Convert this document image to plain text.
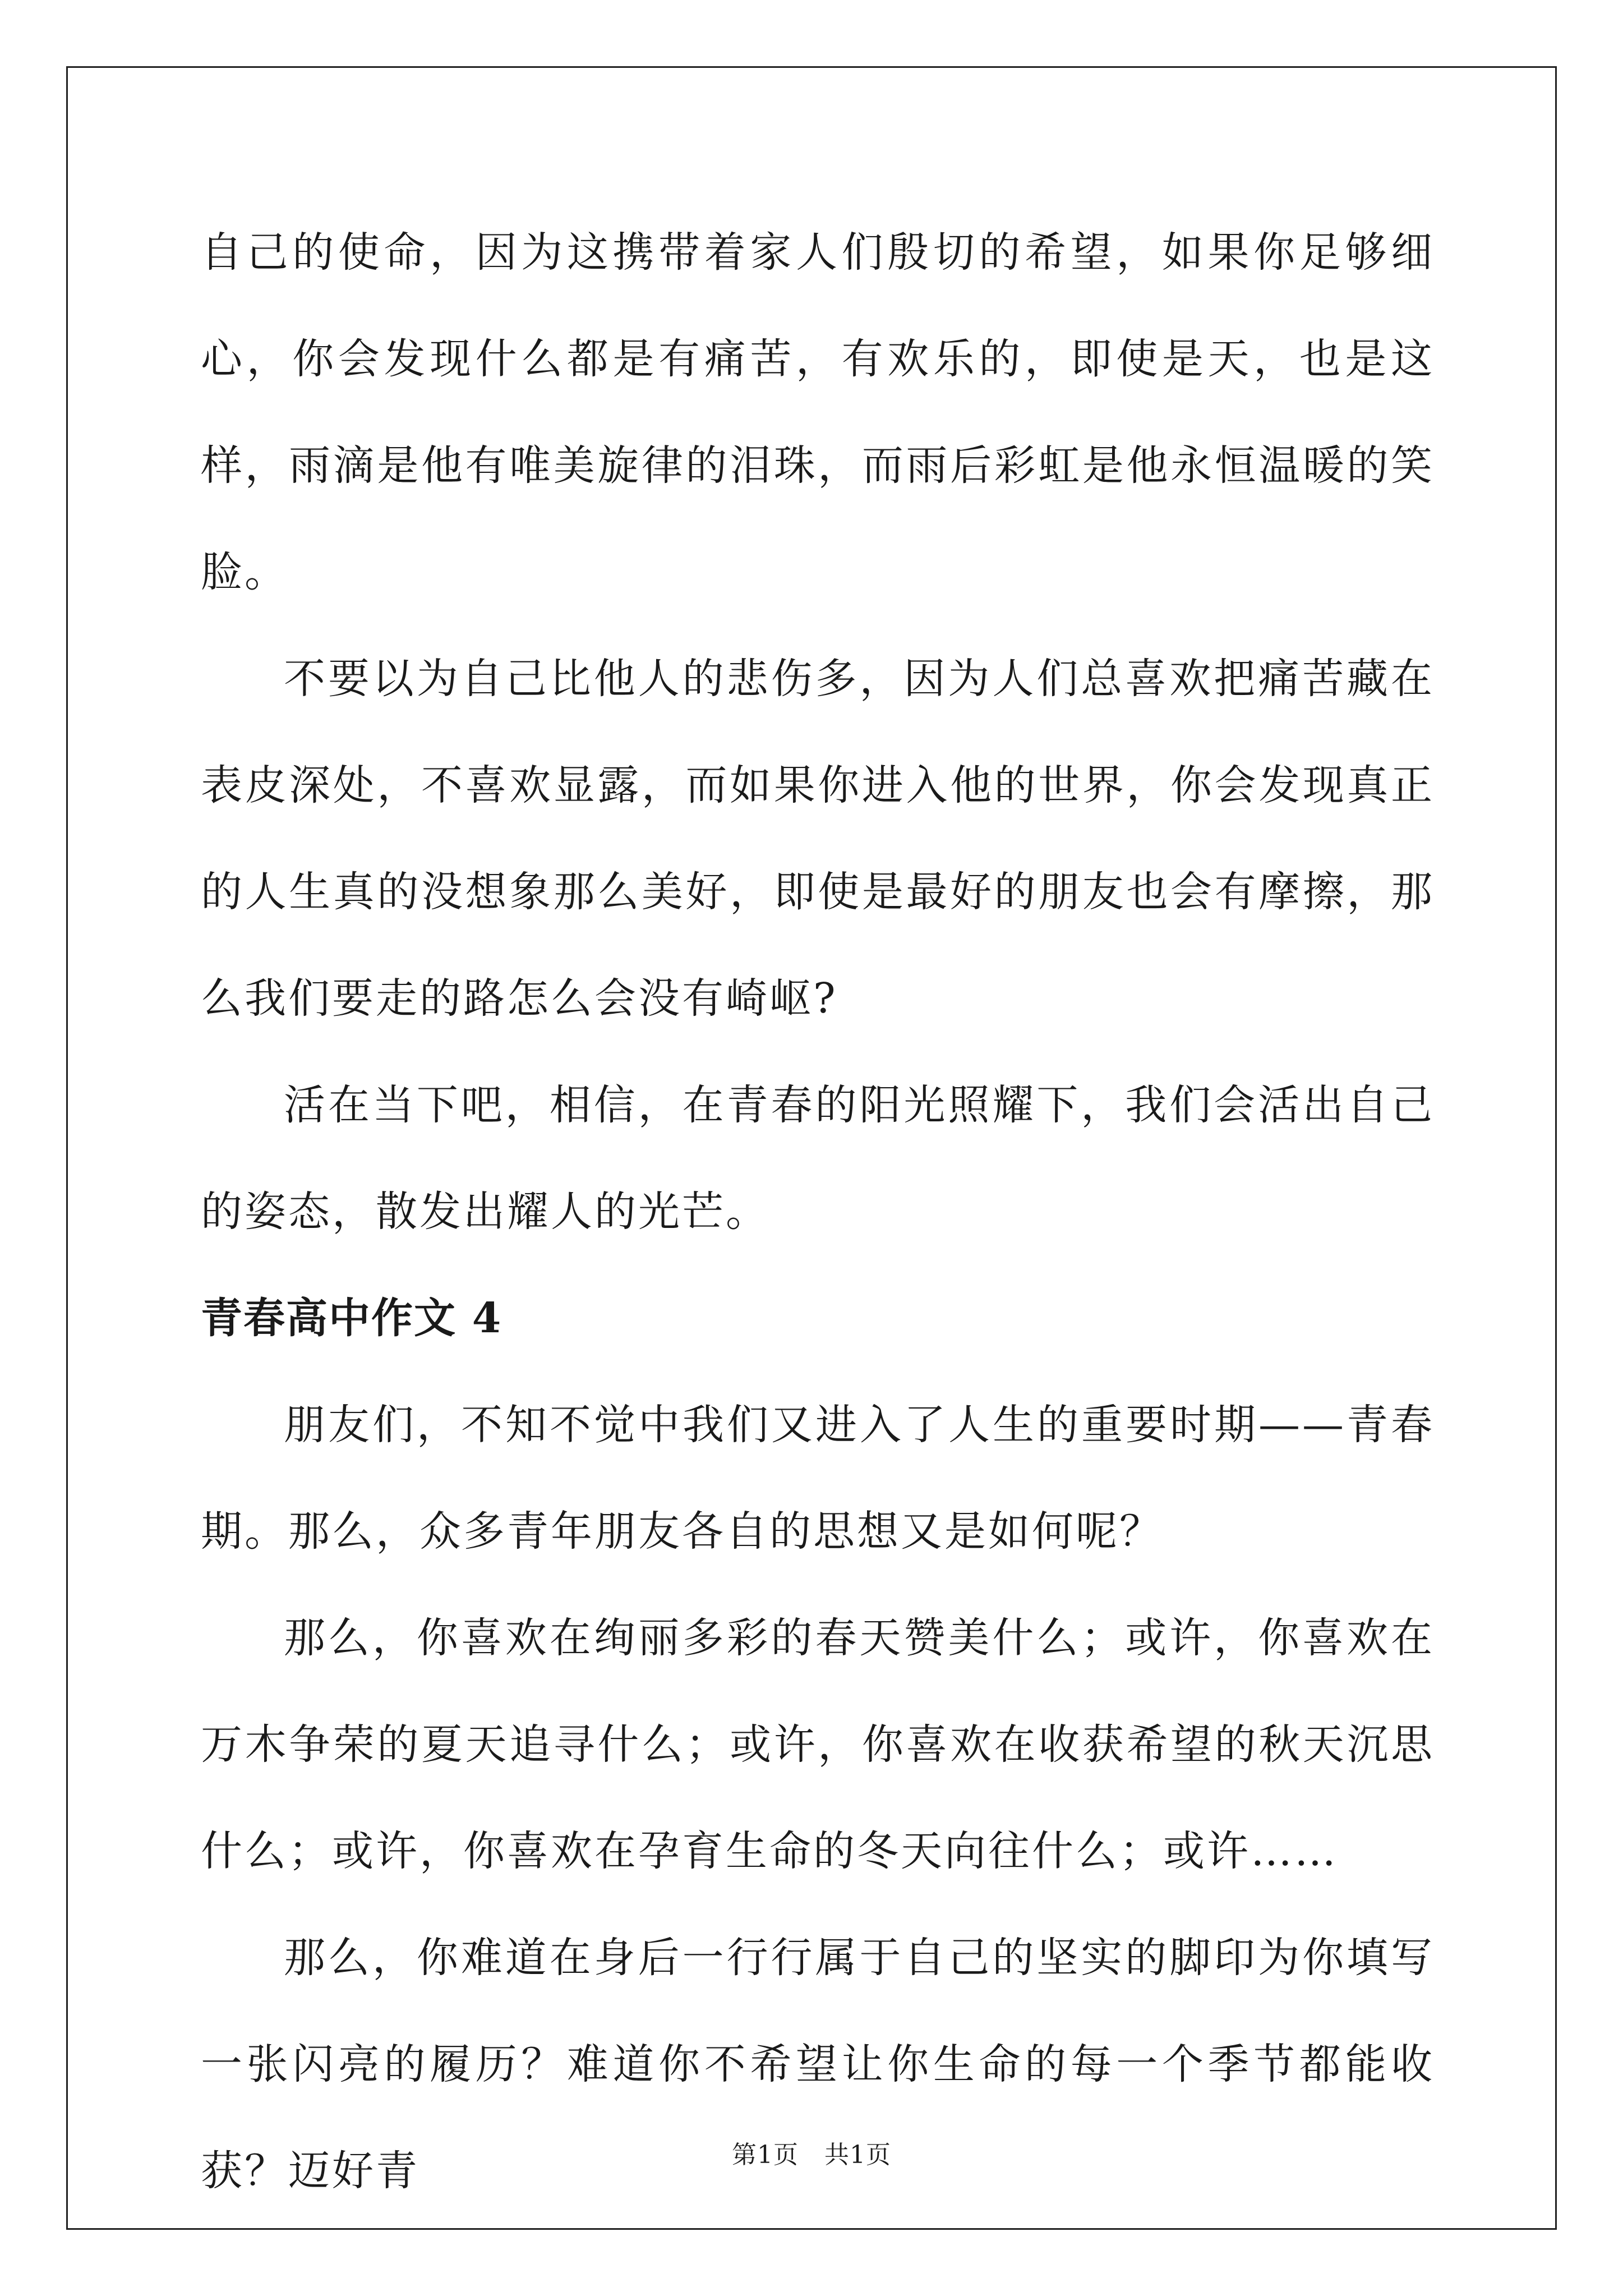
自己的使命，因为这携带着家人们殷切的希望，如果你足够细心，你会发现什么都是有痛苦，有欢乐的，即使是天，也是这样，雨滴是他有唯美旋律的泪珠，而雨后彩虹是他永恒温暖的笑脸。

不要以为自己比他人的悲伤多，因为人们总喜欢把痛苦藏在表皮深处，不喜欢显露，而如果你进入他的世界，你会发现真正的人生真的没想象那么美好，即使是最好的朋友也会有摩擦，那么我们要走的路怎么会没有崎岖?

活在当下吧，相信，在青春的阳光照耀下，我们会活出自己的姿态，散发出耀人的光芒。

青春高中作文 4

朋友们，不知不觉中我们又进入了人生的重要时期——青春期。那么，众多青年朋友各自的思想又是如何呢？

那么，你喜欢在绚丽多彩的春天赞美什么；或许，你喜欢在万木争荣的夏天追寻什么；或许，你喜欢在收获希望的秋天沉思什么；或许，你喜欢在孕育生命的冬天向往什么；或许……

那么，你难道在身后一行行属于自己的坚实的脚印为你填写一张闪亮的履历？难道你不希望让你生命的每一个季节都能收获？迈好青	第1页 共1页
